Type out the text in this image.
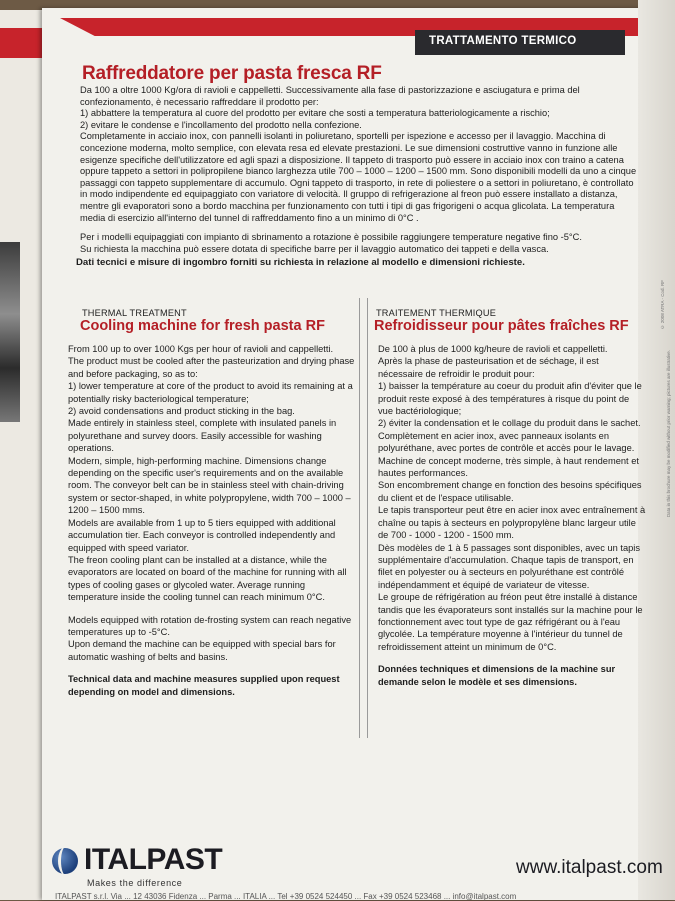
TRATTAMENTO TERMICO
Raffreddatore per pasta fresca RF

Da 100 a oltre 1000 Kg/ora di ravioli e cappelletti. Successivamente alla fase di pastorizzazione e asciugatura e prima del confezionamento, è necessario raffreddare il prodotto per:

1) abbattere la temperatura al cuore del prodotto per evitare che sosti a temperatura batteriologicamente a rischio;

2) evitare le condense e l'incollamento del prodotto nella confezione.

Completamente in acciaio inox, con pannelli isolanti in poliuretano, sportelli per ispezione e accesso per il lavaggio. Macchina di concezione moderna, molto semplice, con elevata resa ed elevate prestazioni. Le sue dimensioni costruttive vanno in funzione alle esigenze specifiche dell'utilizzatore ed agli spazi a disposizione. Il tappeto di trasporto può essere in acciaio inox con traino a catena oppure tappeto a settori in polipropilene bianco larghezza utile 700 – 1000 – 1200 – 1500 mm. Sono disponibili modelli da uno a cinque passaggi con tappeto supplementare di accumulo. Ogni tappeto di trasporto, in rete di poliestere o a settori in poliuretano, è controllato in modo indipendente ed equipaggiato con variatore di velocità. Il gruppo di refrigerazione al freon può essere installato a distanza, mentre gli evaporatori sono a bordo macchina per funzionamento con tutti i tipi di gas frigorigeni o acqua glicolata. La temperatura media di esercizio all'interno del tunnel di raffreddamento fino a un minimo di 0°C .

Per i modelli equipaggiati con impianto di sbrinamento a rotazione è possibile raggiungere temperature negative fino -5°C.

Su richiesta la macchina può essere dotata di specifiche barre per il lavaggio automatico dei tappeti e della vasca.

Dati tecnici e misure di ingombro forniti su richiesta in relazione al modello e dimensioni richieste.
THERMAL TREATMENT
Cooling machine for fresh pasta RF

From 100 up to over 1000 Kgs per hour of ravioli and cappelletti.

The product must be cooled after the pasteurization and drying phase and before packaging, so as to:

1) lower temperature at core of the product to avoid its remaining at a potentially risky bacteriological temperature;

2) avoid condensations and product sticking in the bag.

Made entirely in stainless steel, complete with insulated panels in polyurethane and survey doors. Easily accessible for washing operations.

Modern, simple, high-performing machine. Dimensions change depending on the specific user's requirements and on the available room. The conveyor belt can be in stainless steel with chain-driving system or sector-shaped, in white polypropylene, width 700 – 1000 – 1200 – 1500 mms.

Models are available from 1 up to 5 tiers equipped with additional accumulation tier. Each conveyor is controlled independently and equipped with speed variator.

The freon cooling plant can be installed at a distance, while the evaporators are located on board of the machine for running with all types of cooling gases or glycoled water. Average running temperature inside the cooling tunnel can reach minimum 0°C.

Models equipped with rotation de-frosting system can reach negative temperatures up to -5°C.

Upon demand the machine can be equipped with special bars for automatic washing of belts and basins.

Technical data and machine measures supplied upon request depending on model and dimensions.

TRAITEMENT THERMIQUE
Refroidisseur pour pâtes fraîches RF

De 100 à plus de 1000 kg/heure de ravioli et cappelletti.

Après la phase de pasteurisation et de séchage, il est nécessaire de refroidir le produit pour:

1) baisser la température au coeur du produit afin d'éviter que le produit reste exposé à des températures à risque du point de vue bactériologique;

2) éviter la condensation et le collage du produit dans le sachet.

Complètement en acier inox, avec panneaux isolants en polyuréthane, avec portes de contrôle et accès pour le lavage.

Machine de concept moderne, très simple, à haut rendement et hautes performances.

Son encombrement change en fonction des besoins spécifiques du client et de l'espace utilisable.

Le tapis transporteur peut être en acier inox avec entraînement à chaîne ou tapis à secteurs en polypropylène blanc largeur utile de 700 - 1000 - 1200 - 1500 mm.

Dès modèles de 1 à 5 passages sont disponibles, avec un tapis supplémentaire d'accumulation. Chaque tapis de transport, en filet en polyester ou à secteurs en polyuréthane est contrôlé indépendamment et équipé de variateur de vitesse.

Le groupe de réfrigération au fréon peut être installé à distance tandis que les évaporateurs sont installés sur la machine pour le fonctionnement avec tout type de gaz réfrigérant ou à l'eau glycolée. La température moyenne à l'intérieur du tunnel de refroidissement atteint un minimum de 0°C.

Données techniques et dimensions de la machine sur demande selon le modèle et ses dimensions.

© 2008 ATRA - Cod. RF
Data in this brochure may be modified without prior warning; pictures are illustrative.
ITALPAST
Makes the difference
www.italpast.com
ITALPAST s.r.l. Via ... 12 43036 Fidenza ... Parma ... ITALIA ... Tel +39 0524 524450 ... Fax +39 0524 523468 ... info@italpast.com
